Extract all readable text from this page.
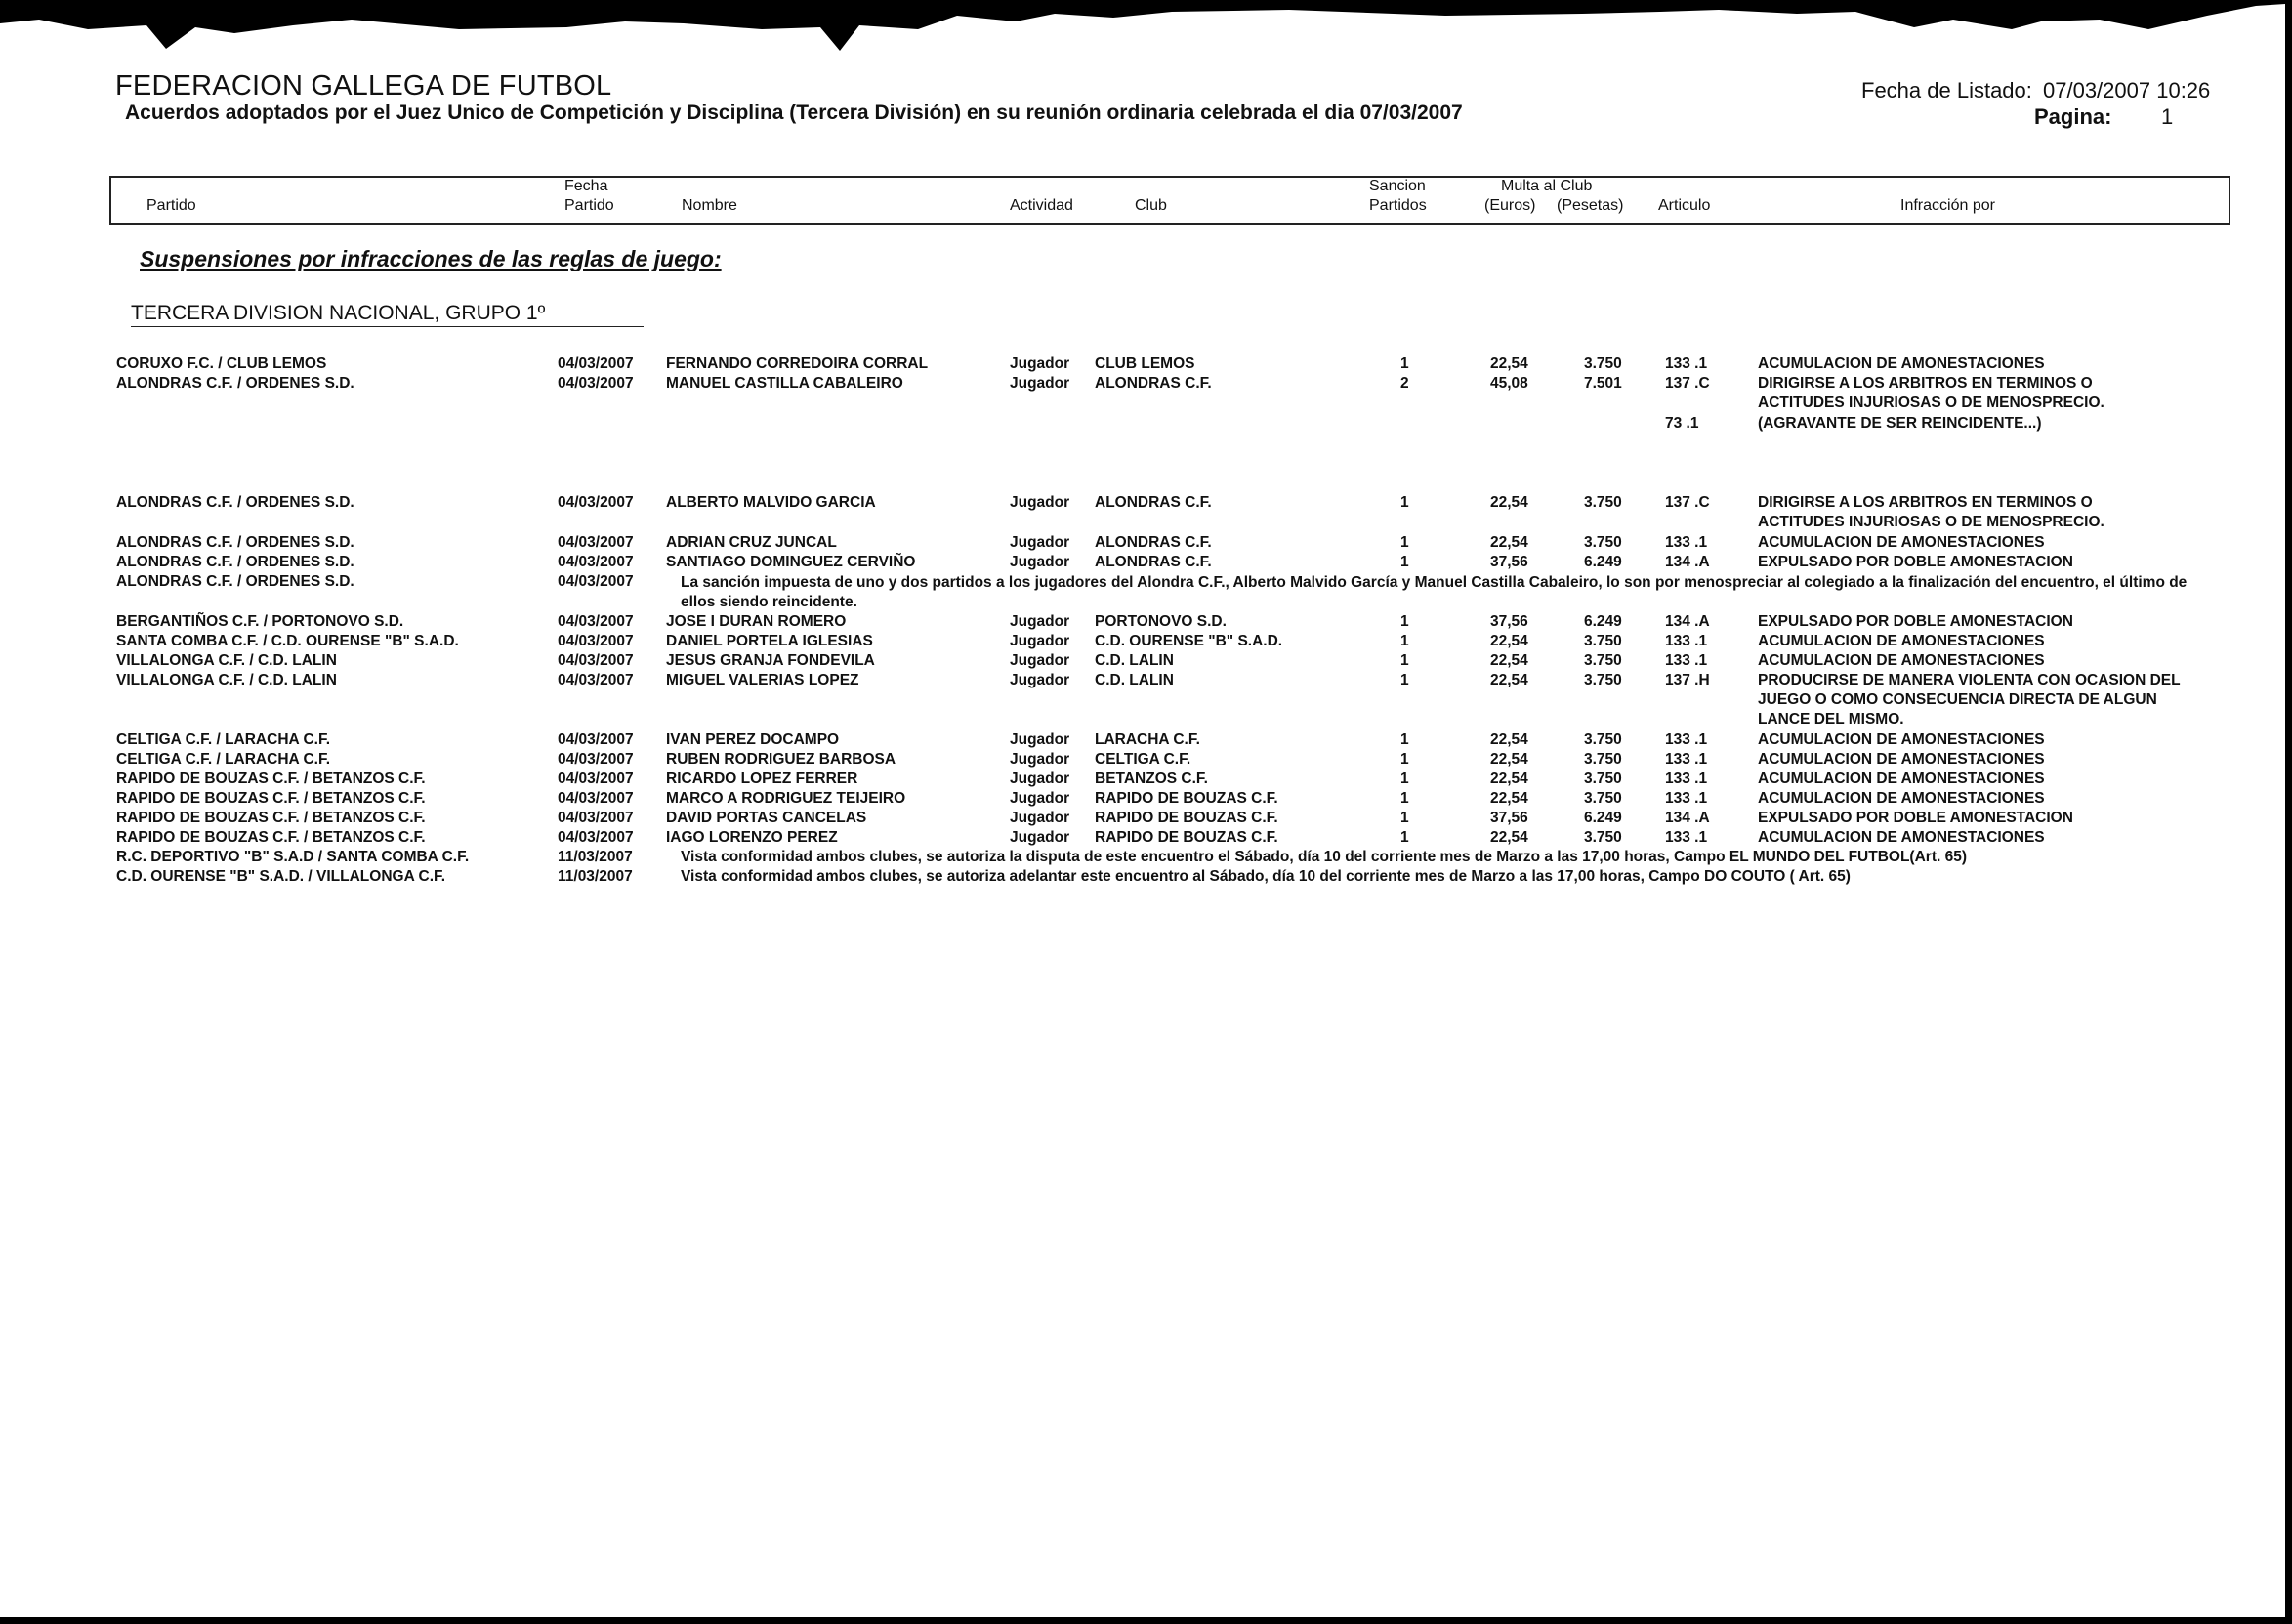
FEDERACION GALLEGA DE FUTBOL
Acuerdos adoptados por el Juez Unico de Competición y Disciplina (Tercera División) en su reunión ordinaria celebrada el dia 07/03/2007
Fecha de Listado: 07/03/2007 10:26
Pagina: 1
Partido
Fecha
Partido	Nombre	Actividad	Club
Sancion
Partidos
Multa al Club
(Euros) (Pesetas) Articulo	Infracción por
Suspensiones por infracciones de las reglas de juego:
TERCERA DIVISION NACIONAL, GRUPO 1º
CORUXO F.C. / CLUB LEMOS	04/03/2007 FERNANDO CORREDOIRA CORRAL	Jugador CLUB LEMOS	1	22,54	3.750	133 .1	ACUMULACION DE AMONESTACIONES
ALONDRAS C.F. / ORDENES S.D.	04/03/2007 MANUEL CASTILLA CABALEIRO	Jugador ALONDRAS C.F.	2	45,08	7.501	137 .C	DIRIGIRSE A LOS ARBITROS EN TERMINOS O
ACTITUDES INJURIOSAS O DE MENOSPRECIO.
73 .1	(AGRAVANTE DE SER REINCIDENTE...)
ALONDRAS C.F. / ORDENES S.D.	04/03/2007 ALBERTO MALVIDO GARCIA	Jugador ALONDRAS C.F.	1	22,54	3.750	137 .C	DIRIGIRSE A LOS ARBITROS EN TERMINOS O
ACTITUDES INJURIOSAS O DE MENOSPRECIO.
ALONDRAS C.F. / ORDENES S.D.	04/03/2007 ADRIAN CRUZ JUNCAL	Jugador ALONDRAS C.F.	1	22,54	3.750	133 .1	ACUMULACION DE AMONESTACIONES
ALONDRAS C.F. / ORDENES S.D.	04/03/2007 SANTIAGO DOMINGUEZ CERVIÑO	Jugador ALONDRAS C.F.	1	37,56	6.249	134 .A	EXPULSADO POR DOBLE AMONESTACION
ALONDRAS C.F. / ORDENES S.D.	04/03/2007	La sanción impuesta de uno y dos partidos a los jugadores del Alondra C.F., Alberto Malvido García y Manuel Castilla Cabaleiro, lo son por menospreciar al colegiado a la finalización del encuentro, el último de ellos siendo reincidente.
BERGANTIÑOS C.F. / PORTONOVO S.D.	04/03/2007 JOSE I DURAN ROMERO	Jugador PORTONOVO S.D.	1	37,56	6.249	134 .A	EXPULSADO POR DOBLE AMONESTACION
SANTA COMBA C.F. / C.D. OURENSE "B" S.A.D.	04/03/2007 DANIEL PORTELA IGLESIAS	Jugador C.D. OURENSE "B" S.A.D.	1	22,54	3.750	133 .1	ACUMULACION DE AMONESTACIONES
VILLALONGA C.F. / C.D. LALIN	04/03/2007 JESUS GRANJA FONDEVILA	Jugador C.D. LALIN	1	22,54	3.750	133 .1	ACUMULACION DE AMONESTACIONES
VILLALONGA C.F. / C.D. LALIN	04/03/2007 MIGUEL VALERIAS LOPEZ	Jugador C.D. LALIN	1	22,54	3.750	137 .H	PRODUCIRSE DE MANERA VIOLENTA CON OCASION DEL
JUEGO O COMO CONSECUENCIA DIRECTA DE ALGUN
LANCE DEL MISMO.
CELTIGA C.F. / LARACHA C.F.	04/03/2007 IVAN PEREZ DOCAMPO	Jugador LARACHA C.F.	1	22,54	3.750	133 .1	ACUMULACION DE AMONESTACIONES
CELTIGA C.F. / LARACHA C.F.	04/03/2007 RUBEN RODRIGUEZ BARBOSA	Jugador CELTIGA C.F.	1	22,54	3.750	133 .1	ACUMULACION DE AMONESTACIONES
RAPIDO DE BOUZAS C.F. / BETANZOS C.F.	04/03/2007 RICARDO LOPEZ FERRER	Jugador BETANZOS C.F.	1	22,54	3.750	133 .1	ACUMULACION DE AMONESTACIONES
RAPIDO DE BOUZAS C.F. / BETANZOS C.F.	04/03/2007 MARCO A RODRIGUEZ TEIJEIRO	Jugador RAPIDO DE BOUZAS C.F.	1	22,54	3.750	133 .1	ACUMULACION DE AMONESTACIONES
RAPIDO DE BOUZAS C.F. / BETANZOS C.F.	04/03/2007 DAVID PORTAS CANCELAS	Jugador RAPIDO DE BOUZAS C.F.	1	37,56	6.249	134 .A	EXPULSADO POR DOBLE AMONESTACION
RAPIDO DE BOUZAS C.F. / BETANZOS C.F.	04/03/2007 IAGO LORENZO PEREZ	Jugador RAPIDO DE BOUZAS C.F.	1	22,54	3.750	133 .1	ACUMULACION DE AMONESTACIONES
R.C. DEPORTIVO "B" S.A.D / SANTA COMBA C.F.	11/03/2007	Vista conformidad ambos clubes, se autoriza la disputa de este encuentro el Sábado, día 10 del corriente mes de Marzo a las 17,00 horas, Campo EL MUNDO DEL FUTBOL(Art. 65)
C.D. OURENSE "B" S.A.D. / VILLALONGA C.F.	11/03/2007	Vista conformidad ambos clubes, se autoriza adelantar este encuentro al Sábado, día 10 del corriente mes de Marzo a las 17,00 horas, Campo DO COUTO ( Art. 65)
